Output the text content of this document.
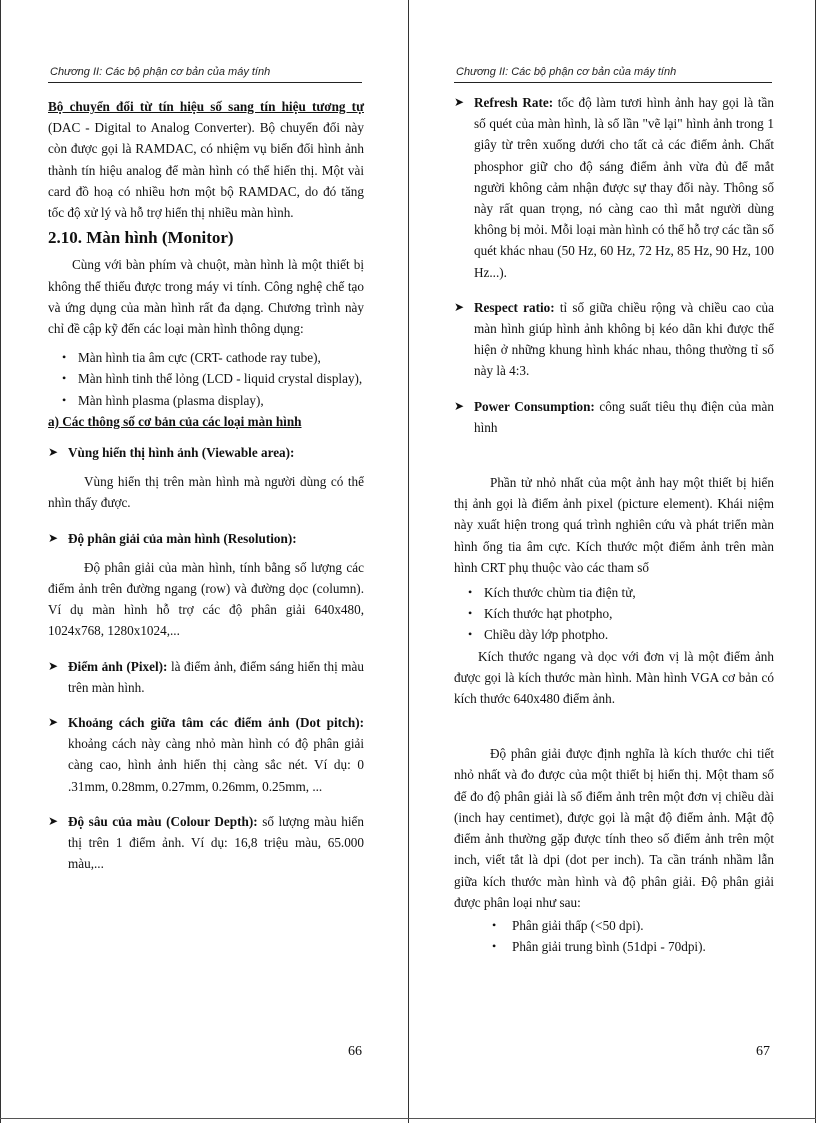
Chương II: Các bộ phận cơ bản của máy tính

Bộ chuyển đổi từ tín hiệu số sang tín hiệu tương tự (DAC - Digital to Analog Converter). Bộ chuyển đổi này còn được gọi là RAMDAC, có nhiệm vụ biến đổi hình ảnh thành tín hiệu analog để màn hình có thể hiển thị. Một vài card đồ hoạ có nhiều hơn một bộ RAMDAC, do đó tăng tốc độ xử lý và hỗ trợ hiển thị nhiều màn hình.

2.10. Màn hình (Monitor)

Cùng với bàn phím và chuột, màn hình là một thiết bị không thể thiếu được trong máy vi tính. Công nghệ chế tạo và ứng dụng của màn hình rất đa dạng. Chương trình này chỉ đề cập kỹ đến các loại màn hình thông dụng:

• Màn hình tia âm cực (CRT- cathode ray tube),
• Màn hình tinh thể lỏng (LCD - liquid crystal display),
• Màn hình plasma (plasma display),

a) Các thông số cơ bản của các loại màn hình

➤ Vùng hiển thị hình ảnh (Viewable area):

Vùng hiển thị trên màn hình mà người dùng có thể nhìn thấy được.

➤ Độ phân giải của màn hình (Resolution):

Độ phân giải của màn hình, tính bằng số lượng các điểm ảnh trên đường ngang (row) và đường dọc (column). Ví dụ màn hình hỗ trợ các độ phân giải 640x480, 1024x768, 1280x1024,...

➤ Điểm ảnh (Pixel): là điểm ảnh, điểm sáng hiển thị màu trên màn hình.
➤ Khoảng cách giữa tâm các điểm ảnh (Dot pitch): khoảng cách này càng nhỏ màn hình có độ phân giải càng cao, hình ảnh hiển thị càng sắc nét. Ví dụ: 0 .31mm, 0.28mm, 0.27mm, 0.26mm, 0.25mm, ...
➤ Độ sâu của màu (Colour Depth): số lượng màu hiển thị trên 1 điểm ảnh. Ví dụ: 16,8 triệu màu, 65.000 màu,...
66
Chương II: Các bộ phận cơ bản của máy tính
➤ Refresh Rate: tốc độ làm tươi hình ảnh hay gọi là tần số quét của màn hình, là số lần "vẽ lại" hình ảnh trong 1 giây từ trên xuống dưới cho tất cả các điểm ảnh. Chất phosphor giữ cho độ sáng điểm ảnh vừa đủ để mắt người không cảm nhận được sự thay đổi này. Thông số này rất quan trọng, nó càng cao thì mắt người dùng không bị mỏi. Mỗi loại màn hình có thể hỗ trợ các tần số quét khác nhau (50 Hz, 60 Hz, 72 Hz, 85 Hz, 90 Hz, 100 Hz...).
➤ Respect ratio: tỉ số giữa chiều rộng và chiều cao của màn hình giúp hình ảnh không bị kéo dãn khi được thể hiện ở những khung hình khác nhau, thông thường tỉ số này là 4:3.
➤ Power Consumption: công suất tiêu thụ điện của màn hình

Phần tử nhỏ nhất của một ảnh hay một thiết bị hiển thị ảnh gọi là điểm ảnh pixel (picture element). Khái niệm này xuất hiện trong quá trình nghiên cứu và phát triển màn hình ống tia âm cực. Kích thước một điểm ảnh trên màn hình CRT phụ thuộc vào các tham số

• Kích thước chùm tia điện tử,
• Kích thước hạt photpho,
• Chiều dày lớp photpho.

Kích thước ngang và dọc với đơn vị là một điểm ảnh được gọi là kích thước màn hình. Màn hình VGA cơ bản có kích thước 640x480 điểm ảnh.

Độ phân giải được định nghĩa là kích thước chi tiết nhỏ nhất và đo được của một thiết bị hiển thị. Một tham số để đo độ phân giải là số điểm ảnh trên một đơn vị chiều dài (inch hay centimet), được gọi là mật độ điểm ảnh. Mật độ điểm ảnh thường gặp được tính theo số điểm ảnh trên một inch, viết tắt là dpi (dot per inch). Ta cần tránh nhầm lẫn giữa kích thước màn hình và độ phân giải. Độ phân giải được phân loại như sau:

• Phân giải thấp (<50 dpi).
• Phân giải trung bình (51dpi - 70dpi).
67
